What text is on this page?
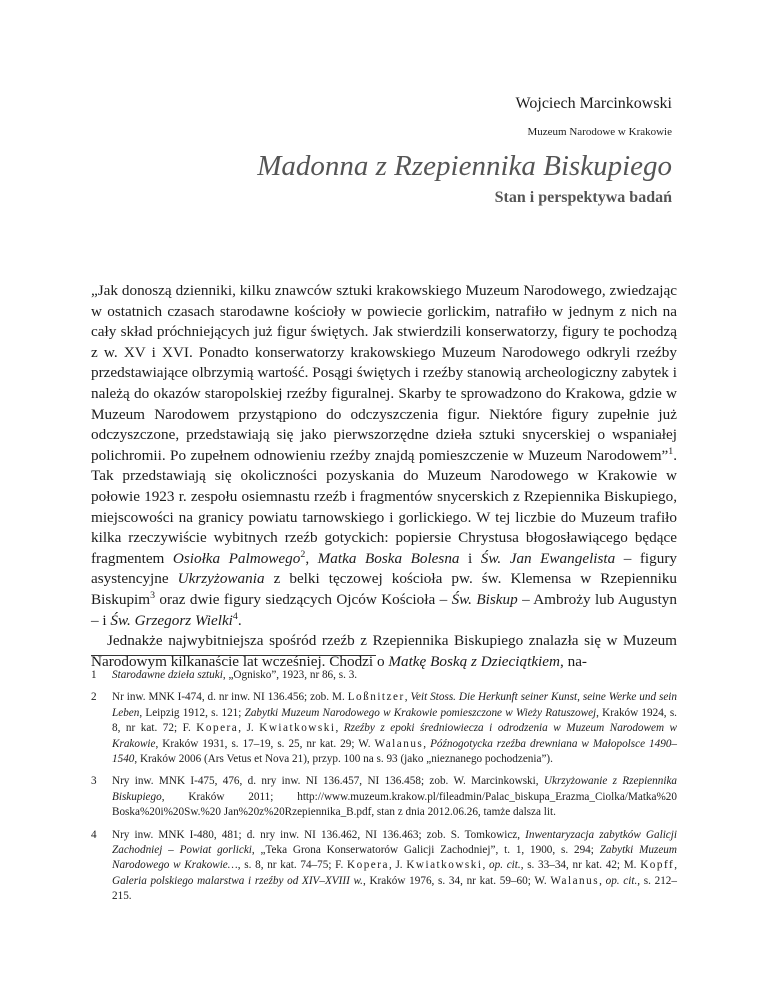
Wojciech Marcinkowski
Muzeum Narodowe w Krakowie
Madonna z Rzepiennika Biskupiego
Stan i perspektywa badań

„Jak donoszą dzienniki, kilku znawców sztuki krakowskiego Muzeum Narodowego, zwiedzając w ostatnich czasach starodawne kościoły w powiecie gorlickim, natrafiło w jednym z nich na cały skład próchniejących już figur świętych. Jak stwierdzili konserwatorzy, figury te pochodzą z w. XV i XVI. Ponadto konserwatorzy krakowskiego Muzeum Narodowego odkryli rzeźby przedstawiające olbrzymią wartość. Posągi świętych i rzeźby stanowią archeologiczny zabytek i należą do okazów staropolskiej rzeźby figuralnej. Skarby te sprowadzono do Krakowa, gdzie w Muzeum Narodowem przystąpiono do odczyszczenia figur. Niektóre figury zupełnie już odczyszczone, przedstawiają się jako pierwszorzędne dzieła sztuki snycerskiej o wspaniałej polichromii. Po zupełnem odnowieniu rzeźby znajdą pomieszczenie w Muzeum Narodowem”$^1$. Tak przedstawiają się okoliczności pozyskania do Muzeum Narodowego w Krakowie w połowie 1923 r. zespołu osiemnastu rzeźb i fragmentów snycerskich z Rzepiennika Biskupiego, miejscowości na granicy powiatu tarnowskiego i gorlickiego. W tej liczbie do Muzeum trafiło kilka rzeczywiście wybitnych rzeźb gotyckich: popiersie Chrystusa błogosławiącego będące fragmentem Osiołka Palmowego$^2$, Matka Boska Bolesna i Św. Jan Ewangelista – figury asystencyjne Ukrzyżowania z belki tęczowej kościoła pw. św. Klemensa w Rzepienniku Biskupim$^3$ oraz dwie figury siedzących Ojców Kościoła – Św. Biskup – Ambroży lub Augustyn – i Św. Grzegorz Wielki$^4$.

Jednakże najwybitniejsza spośród rzeźb z Rzepiennika Biskupiego znalazła się w Muzeum Narodowym kilkanaście lat wcześniej. Chodzi o Matkę Boską z Dzieciątkiem, na-

1 Starodawne dzieła sztuki, „Ognisko”, 1923, nr 86, s. 3.
2 Nr inw. MNK I-474, d. nr inw. NI 136.456; zob. M. Loßnitzer, Veit Stoss. Die Herkunft seiner Kunst, seine Werke und sein Leben, Leipzig 1912, s. 121; Zabytki Muzeum Narodowego w Krakowie pomieszczone w Wieży Ratuszowej, Kraków 1924, s. 8, nr kat. 72; F. Kopera, J. Kwiatkowski, Rzeźby z epoki średniowiecza i odrodzenia w Muzeum Narodowem w Krakowie, Kraków 1931, s. 17–19, s. 25, nr kat. 29; W. Walanus, Późnogotycka rzeźba drewniana w Małopolsce 1490–1540, Kraków 2006 (Ars Vetus et Nova 21), przyp. 100 na s. 93 (jako „nieznanego pochodzenia”).
3 Nry inw. MNK I-475, 476, d. nry inw. NI 136.457, NI 136.458; zob. W. Marcinkowski, Ukrzyżowanie z Rzepiennika Biskupiego, Kraków 2011; http://www.muzeum.krakow.pl/fileadmin/Palac_biskupa_Erazma_Ciolka/Matka%20 Boska%20i%20Sw.%20 Jan%20z%20Rzepiennika_B.pdf, stan z dnia 2012.06.26, tamże dalsza lit.
4 Nry inw. MNK I-480, 481; d. nry inw. NI 136.462, NI 136.463; zob. S. Tomkowicz, Inwentaryzacja zabytków Galicji Zachodniej – Powiat gorlicki, „Teka Grona Konserwatorów Galicji Zachodniej”, t. 1, 1900, s. 294; Zabytki Muzeum Narodowego w Krakowie…, s. 8, nr kat. 74–75; F. Kopera, J. Kwiatkowski, op. cit., s. 33–34, nr kat. 42; M. Kopff, Galeria polskiego malarstwa i rzeźby od XIV–XVIII w., Kraków 1976, s. 34, nr kat. 59–60; W. Walanus, op. cit., s. 212–215.
